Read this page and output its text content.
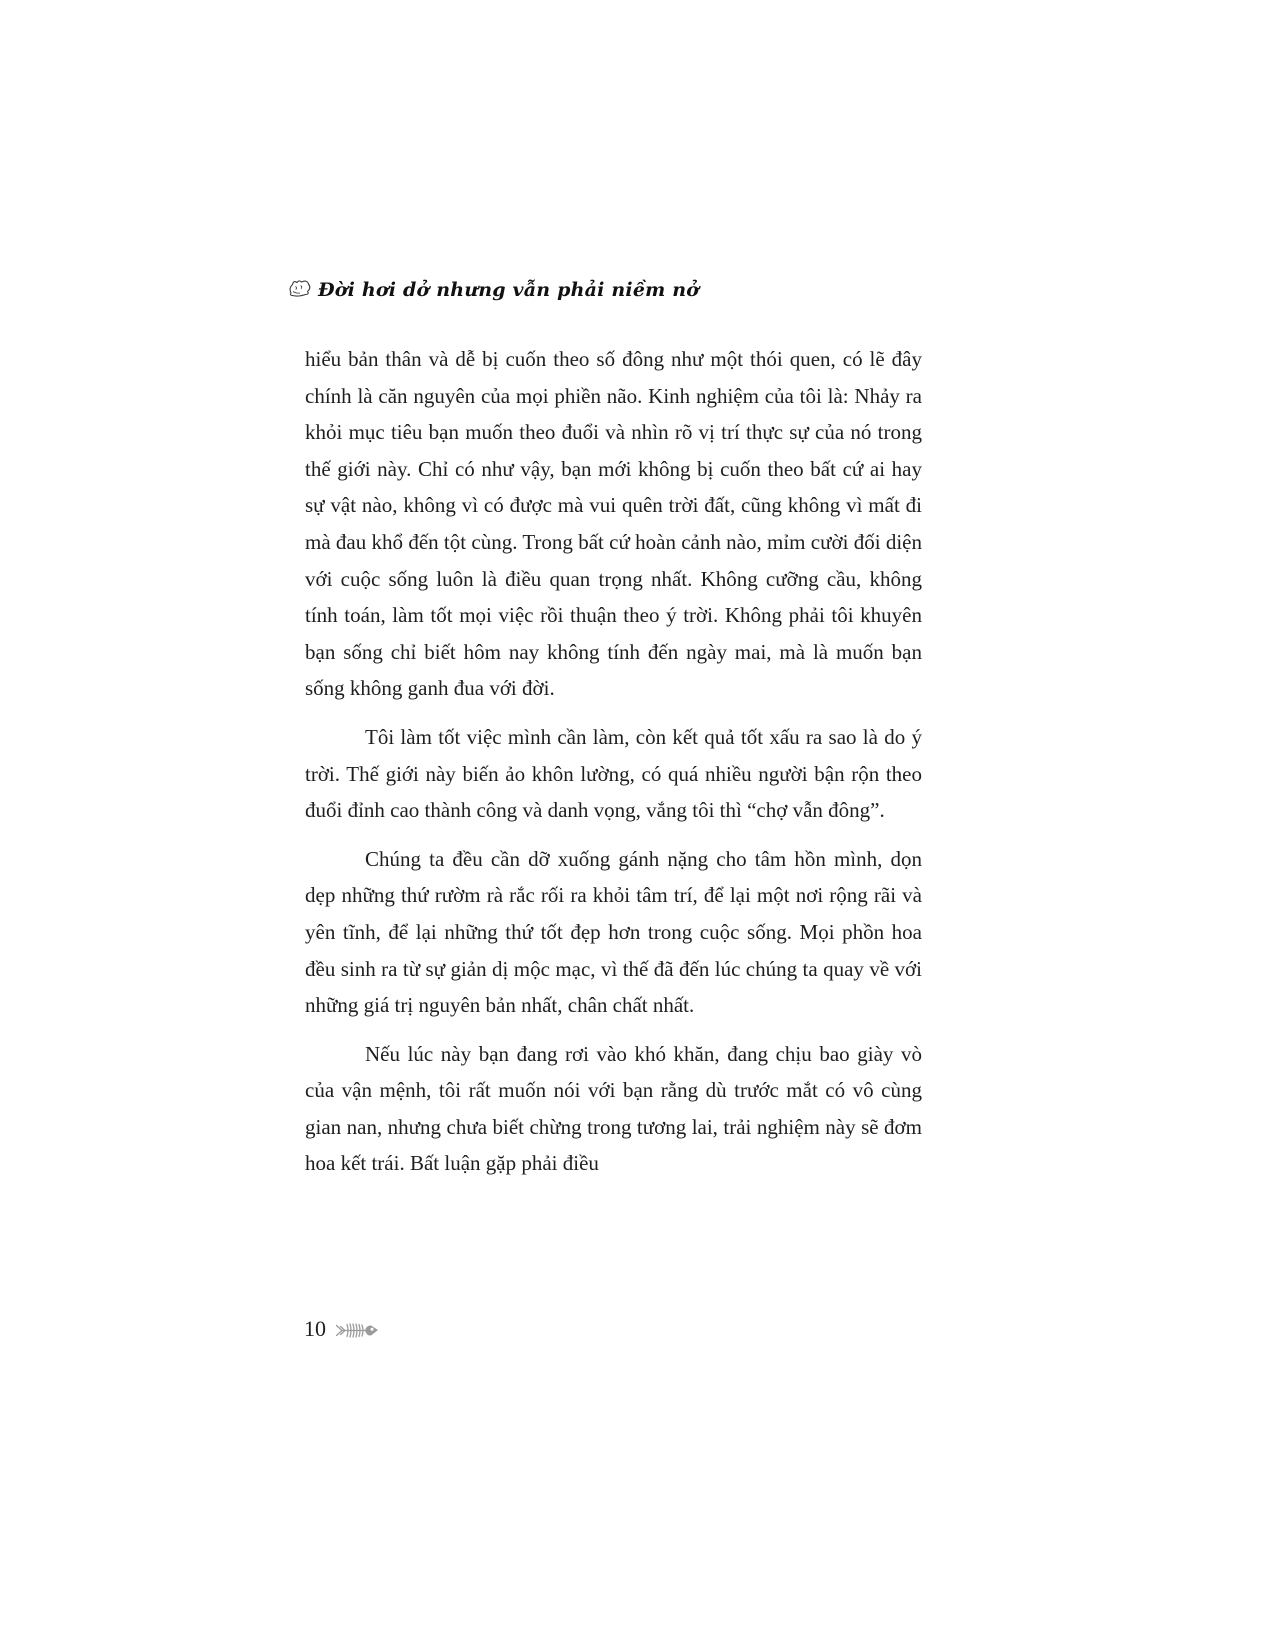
Đời hơi dở nhưng vẫn phải niềm nở

hiểu bản thân và dễ bị cuốn theo số đông như một thói quen, có lẽ đây chính là căn nguyên của mọi phiền não. Kinh nghiệm của tôi là: Nhảy ra khỏi mục tiêu bạn muốn theo đuổi và nhìn rõ vị trí thực sự của nó trong thế giới này. Chỉ có như vậy, bạn mới không bị cuốn theo bất cứ ai hay sự vật nào, không vì có được mà vui quên trời đất, cũng không vì mất đi mà đau khổ đến tột cùng. Trong bất cứ hoàn cảnh nào, mỉm cười đối diện với cuộc sống luôn là điều quan trọng nhất. Không cưỡng cầu, không tính toán, làm tốt mọi việc rồi thuận theo ý trời. Không phải tôi khuyên bạn sống chỉ biết hôm nay không tính đến ngày mai, mà là muốn bạn sống không ganh đua với đời.

Tôi làm tốt việc mình cần làm, còn kết quả tốt xấu ra sao là do ý trời. Thế giới này biến ảo khôn lường, có quá nhiều người bận rộn theo đuổi đỉnh cao thành công và danh vọng, vắng tôi thì “chợ vẫn đông”.

Chúng ta đều cần dỡ xuống gánh nặng cho tâm hồn mình, dọn dẹp những thứ rườm rà rắc rối ra khỏi tâm trí, để lại một nơi rộng rãi và yên tĩnh, để lại những thứ tốt đẹp hơn trong cuộc sống. Mọi phồn hoa đều sinh ra từ sự giản dị mộc mạc, vì thế đã đến lúc chúng ta quay về với những giá trị nguyên bản nhất, chân chất nhất.

Nếu lúc này bạn đang rơi vào khó khăn, đang chịu bao giày vò của vận mệnh, tôi rất muốn nói với bạn rằng dù trước mắt có vô cùng gian nan, nhưng chưa biết chừng trong tương lai, trải nghiệm này sẽ đơm hoa kết trái. Bất luận gặp phải điều

10
